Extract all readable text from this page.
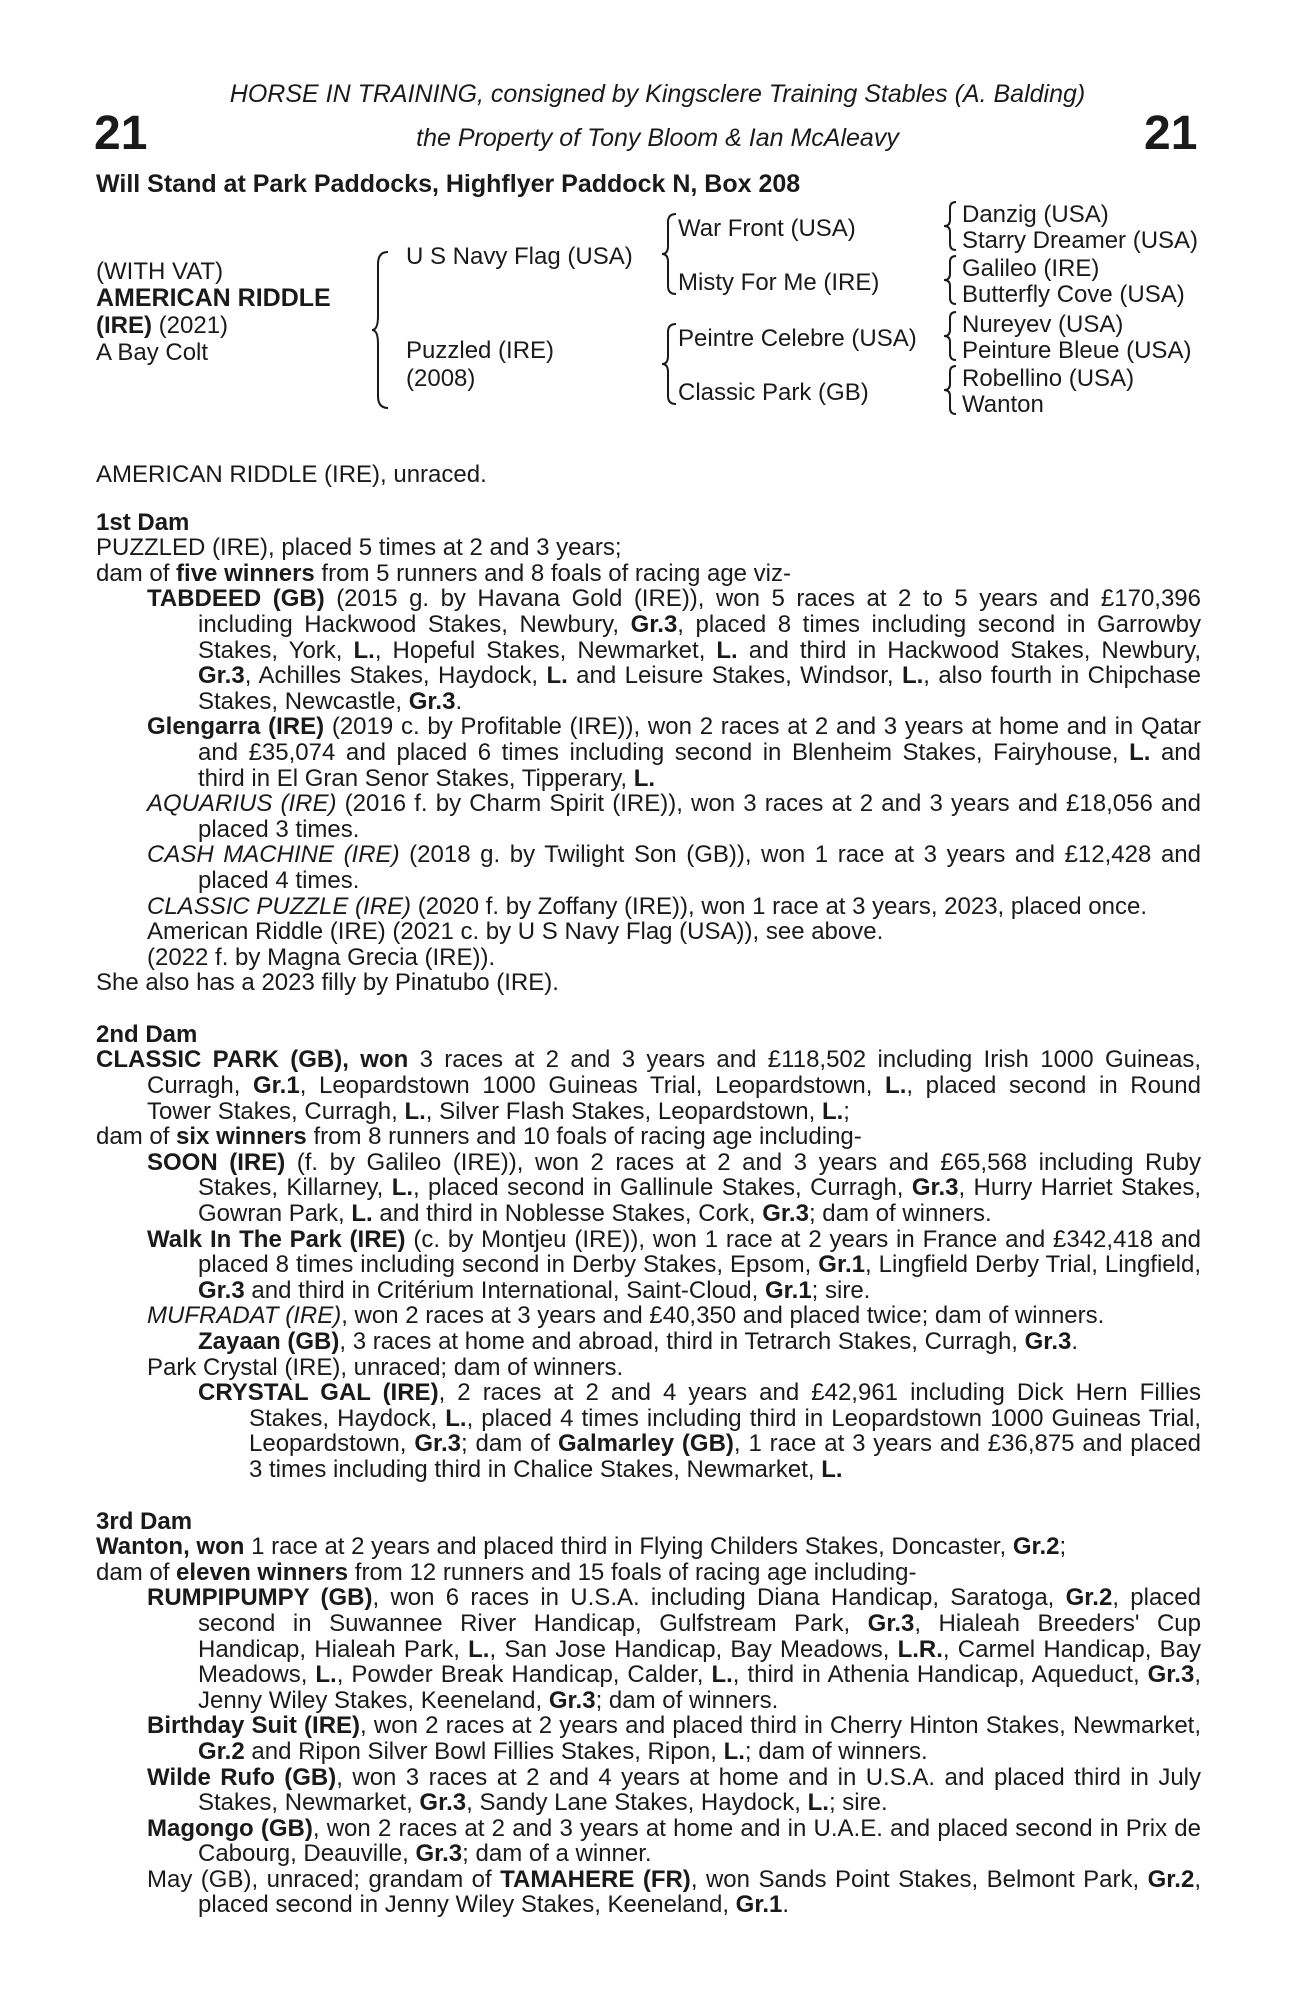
HORSE IN TRAINING, consigned by Kingsclere Training Stables (A. Balding)
the Property of Tony Bloom & Ian McAleavy
21	21
Will Stand at Park Paddocks, Highflyer Paddock N, Box 208
(WITH VAT)
AMERICAN RIDDLE
(IRE) (2021)
A Bay Colt
U S Navy Flag (USA)
Puzzled (IRE)
(2008)
War Front (USA)
Misty For Me (IRE)
Peintre Celebre (USA)
Classic Park (GB)
Danzig (USA)
Starry Dreamer (USA)
Galileo (IRE)
Butterfly Cove (USA)
Nureyev (USA)
Peinture Bleue (USA)
Robellino (USA)
Wanton

AMERICAN RIDDLE (IRE), unraced.

1st Dam

PUZZLED (IRE), placed 5 times at 2 and 3 years;

dam of five winners from 5 runners and 8 foals of racing age viz-

TABDEED (GB) (2015 g. by Havana Gold (IRE)), won 5 races at 2 to 5 years and £170,396 including Hackwood Stakes, Newbury, Gr.3, placed 8 times including second in Garrowby Stakes, York, L., Hopeful Stakes, Newmarket, L. and third in Hackwood Stakes, Newbury, Gr.3, Achilles Stakes, Haydock, L. and Leisure Stakes, Windsor, L., also fourth in Chipchase Stakes, Newcastle, Gr.3.

Glengarra (IRE) (2019 c. by Profitable (IRE)), won 2 races at 2 and 3 years at home and in Qatar and £35,074 and placed 6 times including second in Blenheim Stakes, Fairyhouse, L. and third in El Gran Senor Stakes, Tipperary, L.

AQUARIUS (IRE) (2016 f. by Charm Spirit (IRE)), won 3 races at 2 and 3 years and £18,056 and placed 3 times.

CASH MACHINE (IRE) (2018 g. by Twilight Son (GB)), won 1 race at 3 years and £12,428 and placed 4 times.

CLASSIC PUZZLE (IRE) (2020 f. by Zoffany (IRE)), won 1 race at 3 years, 2023, placed once.

American Riddle (IRE) (2021 c. by U S Navy Flag (USA)), see above.

(2022 f. by Magna Grecia (IRE)).

She also has a 2023 filly by Pinatubo (IRE).

2nd Dam

CLASSIC PARK (GB), won 3 races at 2 and 3 years and £118,502 including Irish 1000 Guineas, Curragh, Gr.1, Leopardstown 1000 Guineas Trial, Leopardstown, L., placed second in Round Tower Stakes, Curragh, L., Silver Flash Stakes, Leopardstown, L.;

dam of six winners from 8 runners and 10 foals of racing age including-

SOON (IRE) (f. by Galileo (IRE)), won 2 races at 2 and 3 years and £65,568 including Ruby Stakes, Killarney, L., placed second in Gallinule Stakes, Curragh, Gr.3, Hurry Harriet Stakes, Gowran Park, L. and third in Noblesse Stakes, Cork, Gr.3; dam of winners.

Walk In The Park (IRE) (c. by Montjeu (IRE)), won 1 race at 2 years in France and £342,418 and placed 8 times including second in Derby Stakes, Epsom, Gr.1, Lingfield Derby Trial, Lingfield, Gr.3 and third in Critérium International, Saint-Cloud, Gr.1; sire.

MUFRADAT (IRE), won 2 races at 3 years and £40,350 and placed twice; dam of winners.

Zayaan (GB), 3 races at home and abroad, third in Tetrarch Stakes, Curragh, Gr.3.

Park Crystal (IRE), unraced; dam of winners.

CRYSTAL GAL (IRE), 2 races at 2 and 4 years and £42,961 including Dick Hern Fillies Stakes, Haydock, L., placed 4 times including third in Leopardstown 1000 Guineas Trial, Leopardstown, Gr.3; dam of Galmarley (GB), 1 race at 3 years and £36,875 and placed 3 times including third in Chalice Stakes, Newmarket, L.

3rd Dam

Wanton, won 1 race at 2 years and placed third in Flying Childers Stakes, Doncaster, Gr.2;

dam of eleven winners from 12 runners and 15 foals of racing age including-

RUMPIPUMPY (GB), won 6 races in U.S.A. including Diana Handicap, Saratoga, Gr.2, placed second in Suwannee River Handicap, Gulfstream Park, Gr.3, Hialeah Breeders' Cup Handicap, Hialeah Park, L., San Jose Handicap, Bay Meadows, L.R., Carmel Handicap, Bay Meadows, L., Powder Break Handicap, Calder, L., third in Athenia Handicap, Aqueduct, Gr.3, Jenny Wiley Stakes, Keeneland, Gr.3; dam of winners.

Birthday Suit (IRE), won 2 races at 2 years and placed third in Cherry Hinton Stakes, Newmarket, Gr.2 and Ripon Silver Bowl Fillies Stakes, Ripon, L.; dam of winners.

Wilde Rufo (GB), won 3 races at 2 and 4 years at home and in U.S.A. and placed third in July Stakes, Newmarket, Gr.3, Sandy Lane Stakes, Haydock, L.; sire.

Magongo (GB), won 2 races at 2 and 3 years at home and in U.A.E. and placed second in Prix de Cabourg, Deauville, Gr.3; dam of a winner.

May (GB), unraced; grandam of TAMAHERE (FR), won Sands Point Stakes, Belmont Park, Gr.2, placed second in Jenny Wiley Stakes, Keeneland, Gr.1.
